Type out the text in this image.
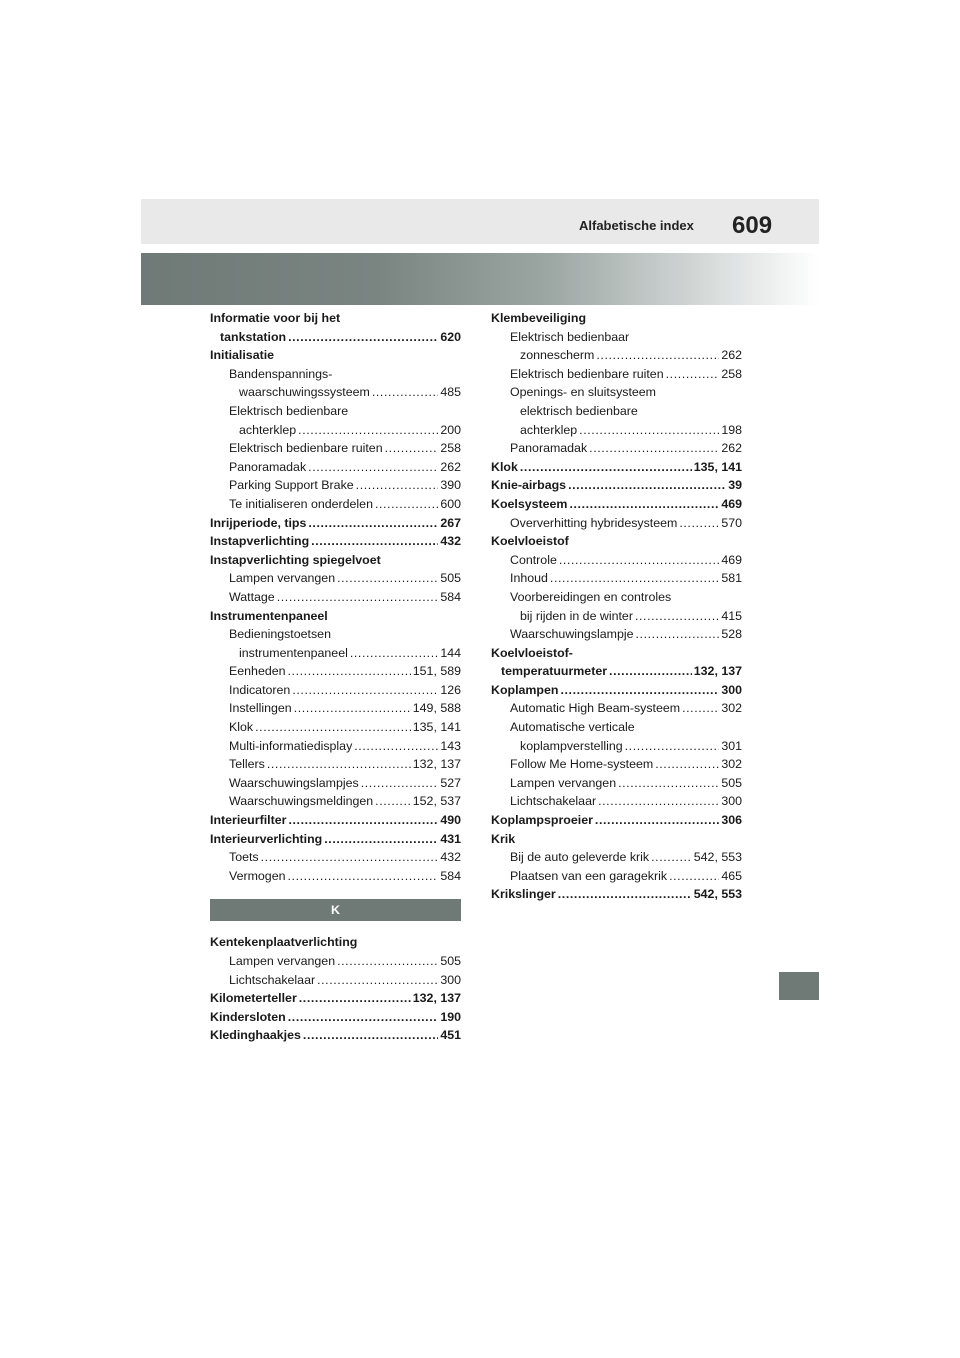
Alfabetische index 609
Informatie voor bij het
tankstation .....	620
Initialisatie
Bandenspannings-
waarschuwingssysteem .....	485
Elektrisch bedienbare
achterklep .....	200
Elektrisch bedienbare ruiten .....	258
Panoramadak .....	262
Parking Support Brake .....	390
Te initialiseren onderdelen .....	600
Inrijperiode, tips .....	267
Instapverlichting .....	432
Instapverlichting spiegelvoet
Lampen vervangen .....	505
Wattage .....	584
Instrumentenpaneel
Bedieningstoetsen
instrumentenpaneel .....	144
Eenheden .....	151, 589
Indicatoren .....	126
Instellingen .....	149, 588
Klok .....	135, 141
Multi-informatiedisplay .....	143
Tellers .....	132, 137
Waarschuwingslampjes .....	527
Waarschuwingsmeldingen .....	152, 537
Interieurfilter .....	490
Interieurverlichting .....	431
Toets .....	432
Vermogen .....	584
K
Kentekenplaatverlichting
Lampen vervangen .....	505
Lichtschakelaar .....	300
Kilometerteller .....	132, 137
Kindersloten .....	190
Kledinghaakjes .....	451
Klembeveiliging
Elektrisch bedienbaar
zonnescherm .....	262
Elektrisch bedienbare ruiten .....	258
Openings- en sluitsysteem
elektrisch bedienbare
achterklep .....	198
Panoramadak .....	262
Klok .....	135, 141
Knie-airbags .....	39
Koelsysteem .....	469
Oververhitting hybridesysteem .....	570
Koelvloeistof
Controle .....	469
Inhoud .....	581
Voorbereidingen en controles
bij rijden in de winter .....	415
Waarschuwingslampje .....	528
Koelvloeistof-
temperatuurmeter .....	132, 137
Koplampen .....	300
Automatic High Beam-systeem .....	302
Automatische verticale
koplampverstelling .....	301
Follow Me Home-systeem .....	302
Lampen vervangen .....	505
Lichtschakelaar .....	300
Koplampsproeier .....	306
Krik
Bij de auto geleverde krik .....	542, 553
Plaatsen van een garagekrik .....	465
Krikslinger .....	542, 553
